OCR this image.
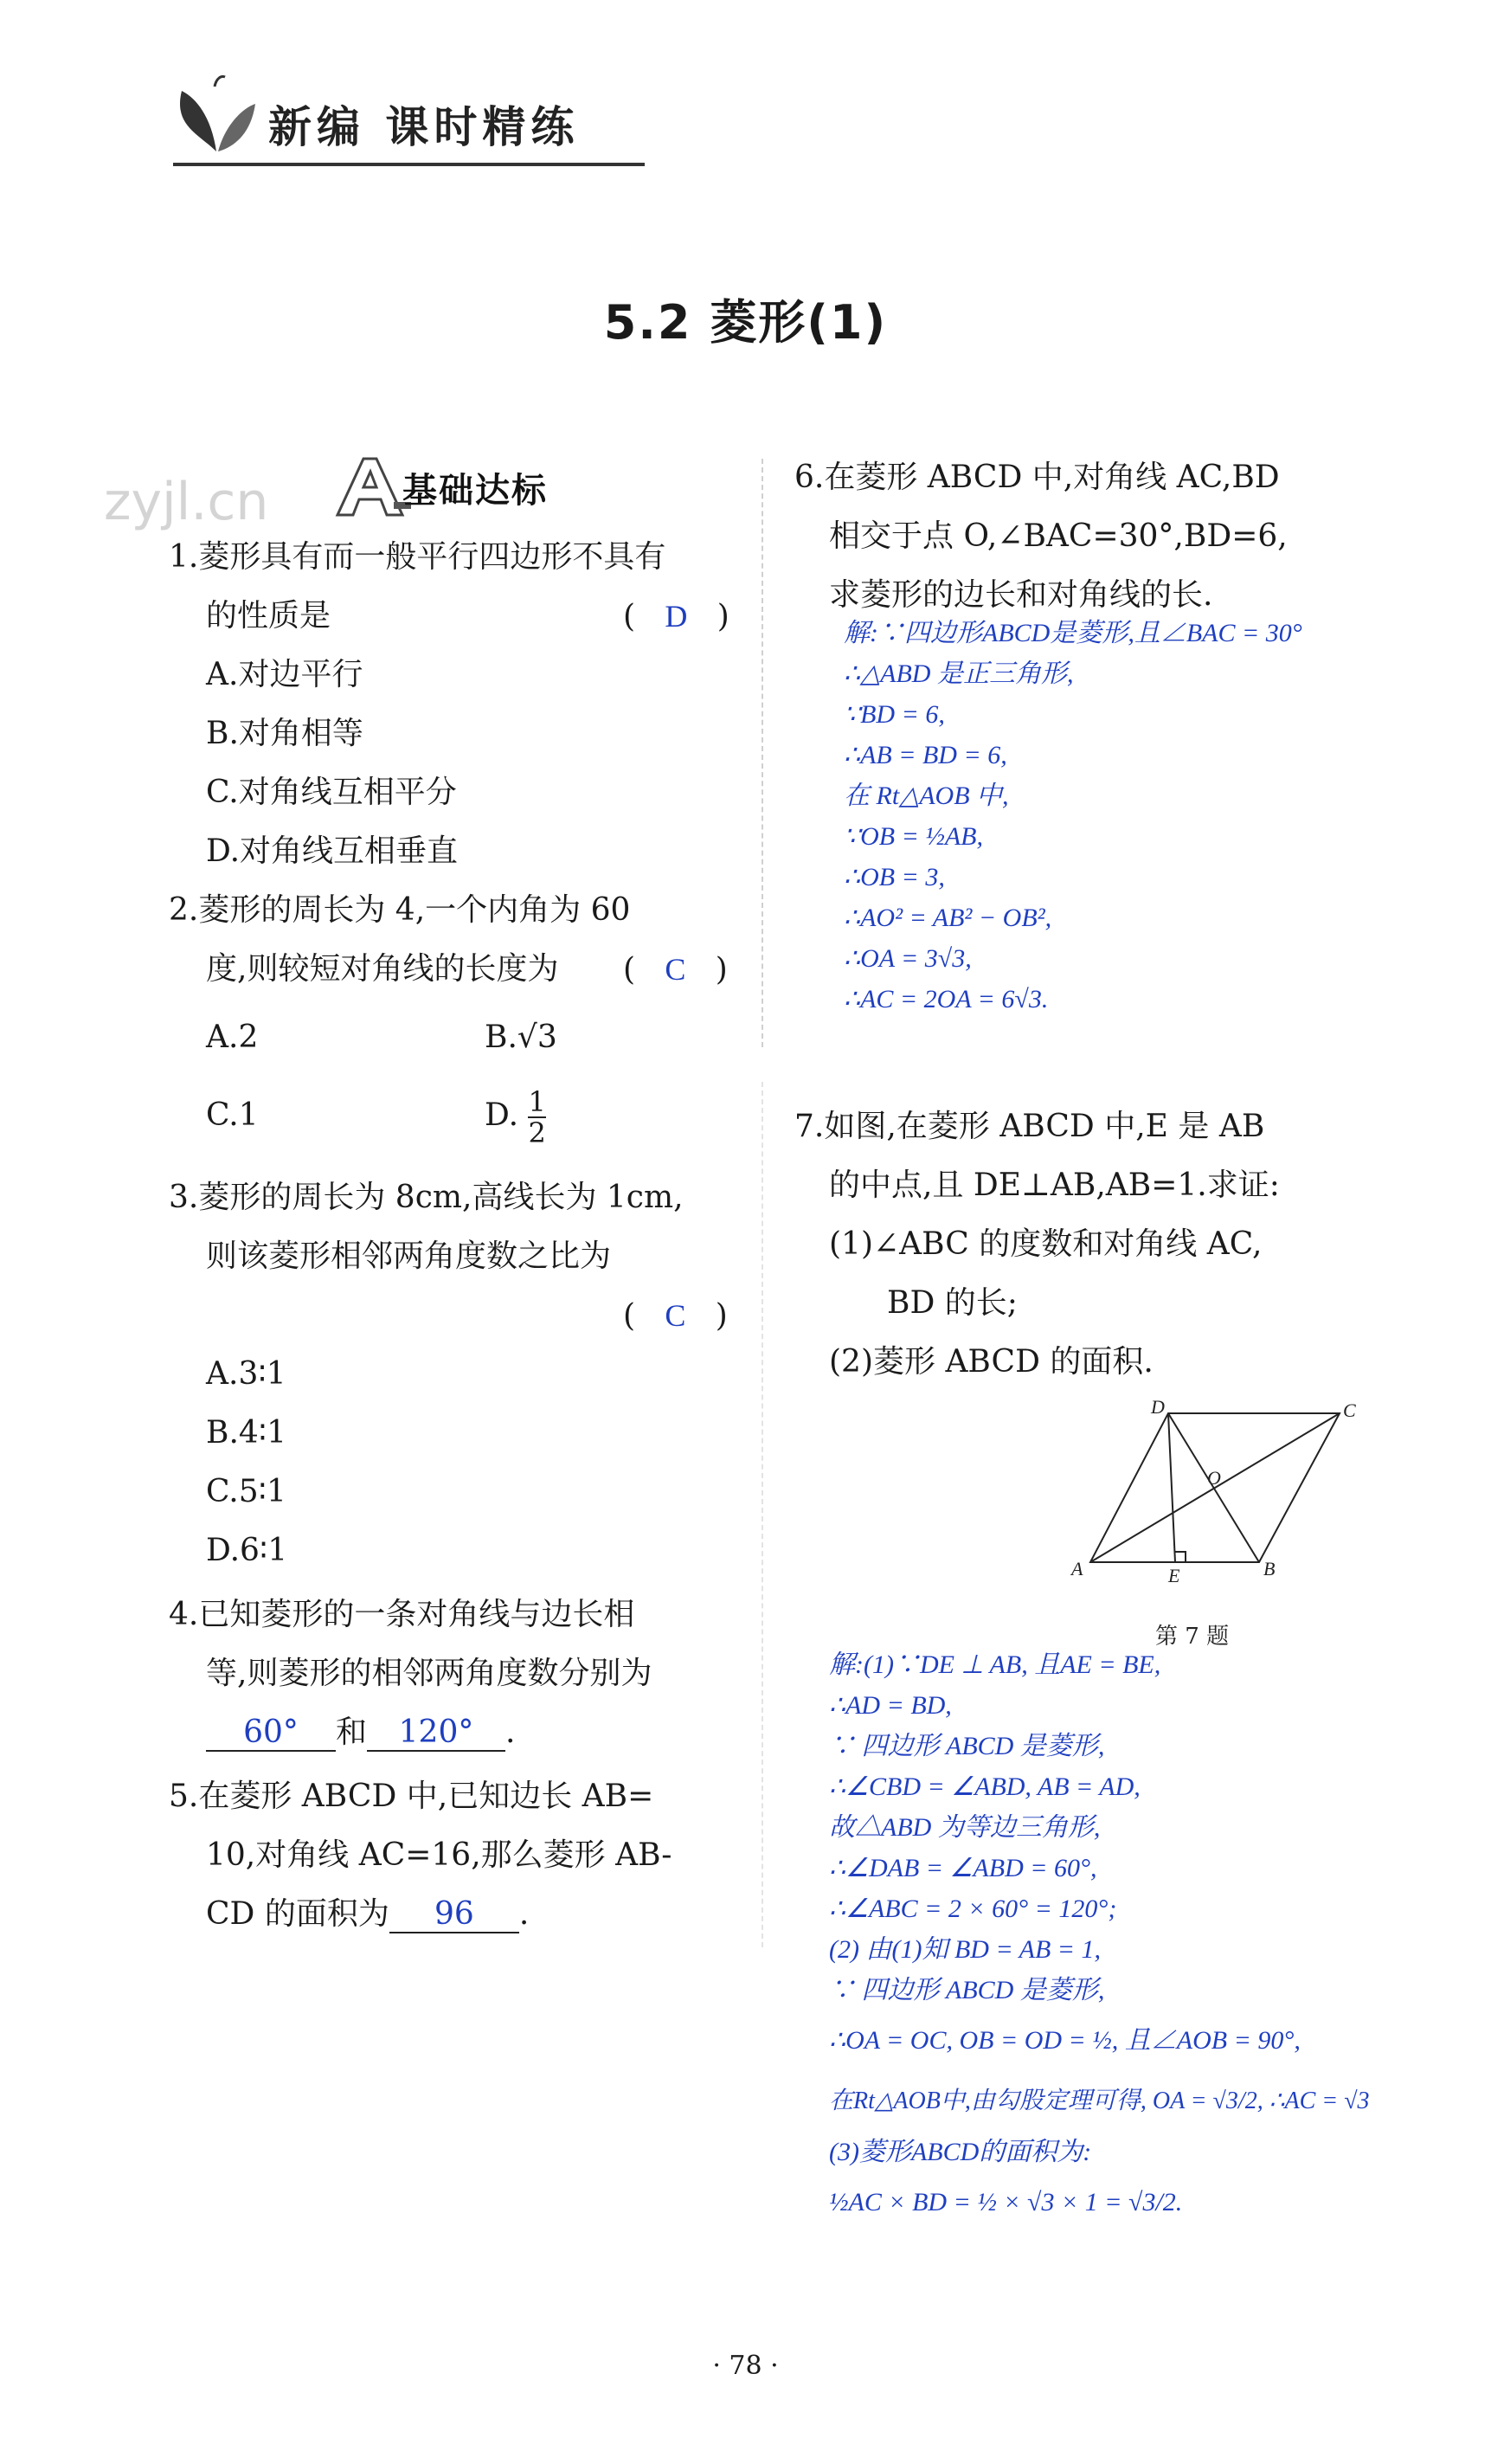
新编 课时精练
5.2 菱形(1)
zyjl.cn	基础达标
1.菱形具有而一般平行四边形不具有
的性质是	(   D   )
A.对边平行
B.对角相等
C.对角线互相平分
D.对角线互相垂直
2.菱形的周长为 4,一个内角为 60
度,则较短对角线的长度为 (   C   )
A.2	B.√3
C.1	D. $\frac{1}{2}$
3.菱形的周长为 8cm,高线长为 1cm,
则该菱形相邻两角度数之比为
(   C   )
A.3∶1
B.4∶1
C.5∶1
D.6∶1
4.已知菱形的一条对角线与边长相
等,则菱形的相邻两角度数分别为
60° 和 120° .
5.在菱形 ABCD 中,已知边长 AB=
10,对角线 AC=16,那么菱形 AB-
CD 的面积为 96 .
6.在菱形 ABCD 中,对角线 AC,BD
相交于点 O,∠BAC=30°,BD=6,
求菱形的边长和对角线的长.
解:∵四边形ABCD是菱形,且∠BAC = 30°
∴△ABD 是正三角形,
∵BD = 6,
∴AB = BD = 6,
在 Rt△AOB 中,
∵OB = ½AB,
∴OB = 3,
∴AO² = AB² − OB²,
∴OA = 3√3,
∴AC = 2OA = 6√3.
7.如图,在菱形 ABCD 中,E 是 AB
的中点,且 DE⊥AB,AB=1.求证:
(1)∠ABC 的度数和对角线 AC,
BD 的长;
(2)菱形 ABCD 的面积.
A	B
C
D
O
E
第 7 题
解:(1)∵DE ⊥ AB, 且AE = BE,
∴AD = BD,
∵ 四边形 ABCD 是菱形,
∴∠CBD = ∠ABD, AB = AD,
故△ABD 为等边三角形,
∴∠DAB = ∠ABD = 60°,
∴∠ABC = 2 × 60° = 120°;
(2) 由(1)知 BD = AB = 1,
∵ 四边形 ABCD 是菱形,
∴OA = OC, OB = OD = ½, 且∠AOB = 90°,
在Rt△AOB中,由勾股定理可得, OA = √3/2, ∴AC = √3
(3)菱形ABCD的面积为:
½AC × BD = ½ × √3 × 1 = √3/2.
· 78 ·
